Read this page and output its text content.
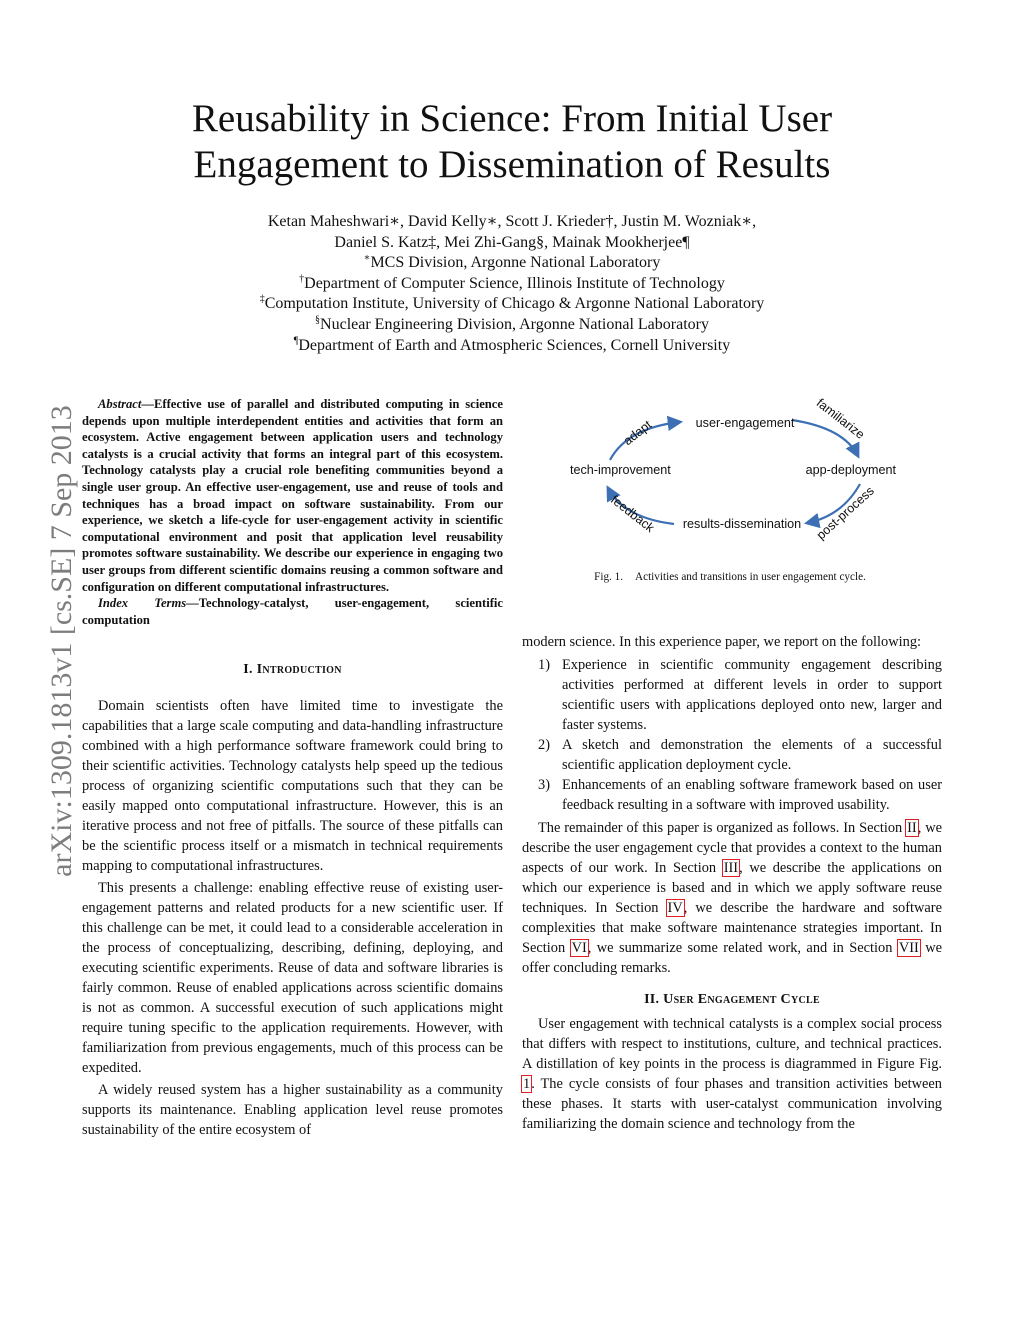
arXiv:1309.1813v1 [cs.SE] 7 Sep 2013
Reusability in Science: From Initial User
Engagement to Dissemination of Results
Ketan Maheshwari∗, David Kelly∗, Scott J. Krieder†, Justin M. Wozniak∗,
Daniel S. Katz‡, Mei Zhi-Gang§, Mainak Mookherjee¶
∗MCS Division, Argonne National Laboratory
†Department of Computer Science, Illinois Institute of Technology
‡Computation Institute, University of Chicago & Argonne National Laboratory
§Nuclear Engineering Division, Argonne National Laboratory
¶Department of Earth and Atmospheric Sciences, Cornell University

Abstract—Effective use of parallel and distributed computing in science depends upon multiple interdependent entities and activities that form an ecosystem. Active engagement between application users and technology catalysts is a crucial activity that forms an integral part of this ecosystem. Technology catalysts play a crucial role benefiting communities beyond a single user group. An effective user-engagement, use and reuse of tools and techniques has a broad impact on software sustainability. From our experience, we sketch a life-cycle for user-engagement activity in scientific computational environment and posit that application level reusability promotes software sustainability. We describe our experience in engaging two user groups from different scientific domains reusing a common software and configuration on different computational infrastructures.

Index Terms—Technology-catalyst, user-engagement, scientific computation

I. Introduction

Domain scientists often have limited time to investigate the capabilities that a large scale computing and data-handling infrastructure combined with a high performance software framework could bring to their scientific activities. Technology catalysts help speed up the tedious process of organizing scientific computations such that they can be easily mapped onto computational infrastructure. However, this is an iterative process and not free of pitfalls. The source of these pitfalls can be the scientific process itself or a mismatch in technical requirements mapping to computational infrastructures.

This presents a challenge: enabling effective reuse of existing user-engagement patterns and related products for a new scientific user. If this challenge can be met, it could lead to a considerable acceleration in the process of conceptualizing, describing, defining, deploying, and executing scientific experiments. Reuse of data and software libraries is fairly common. Reuse of enabled applications across scientific domains is not as common. A successful execution of such applications might require tuning specific to the application requirements. However, with familiarization from previous engagements, much of this process can be expedited.

A widely reused system has a higher sustainability as a community supports its maintenance. Enabling application level reuse promotes sustainability of the entire ecosystem of

user-engagement
tech-improvement	app-deployment
results-dissemination
adapt	familiarize
feedback	post-process
Fig. 1. Activities and transitions in user engagement cycle.

modern science. In this experience paper, we report on the following:

1) Experience in scientific community engagement describing activities performed at different levels in order to support scientific users with applications deployed onto new, larger and faster systems.
2) A sketch and demonstration the elements of a successful scientific application deployment cycle.
3) Enhancements of an enabling software framework based on user feedback resulting in a software with improved usability.

The remainder of this paper is organized as follows. In Section II, we describe the user engagement cycle that provides a context to the human aspects of our work. In Section III, we describe the applications on which our experience is based and in which we apply software reuse techniques. In Section IV, we describe the hardware and software complexities that make software maintenance strategies important. In Section VI, we summarize some related work, and in Section VII we offer concluding remarks.

II. User Engagement Cycle

User engagement with technical catalysts is a complex social process that differs with respect to institutions, culture, and technical practices. A distillation of key points in the process is diagrammed in Figure Fig. 1. The cycle consists of four phases and transition activities between these phases. It starts with user-catalyst communication involving familiarizing the domain science and technology from the
